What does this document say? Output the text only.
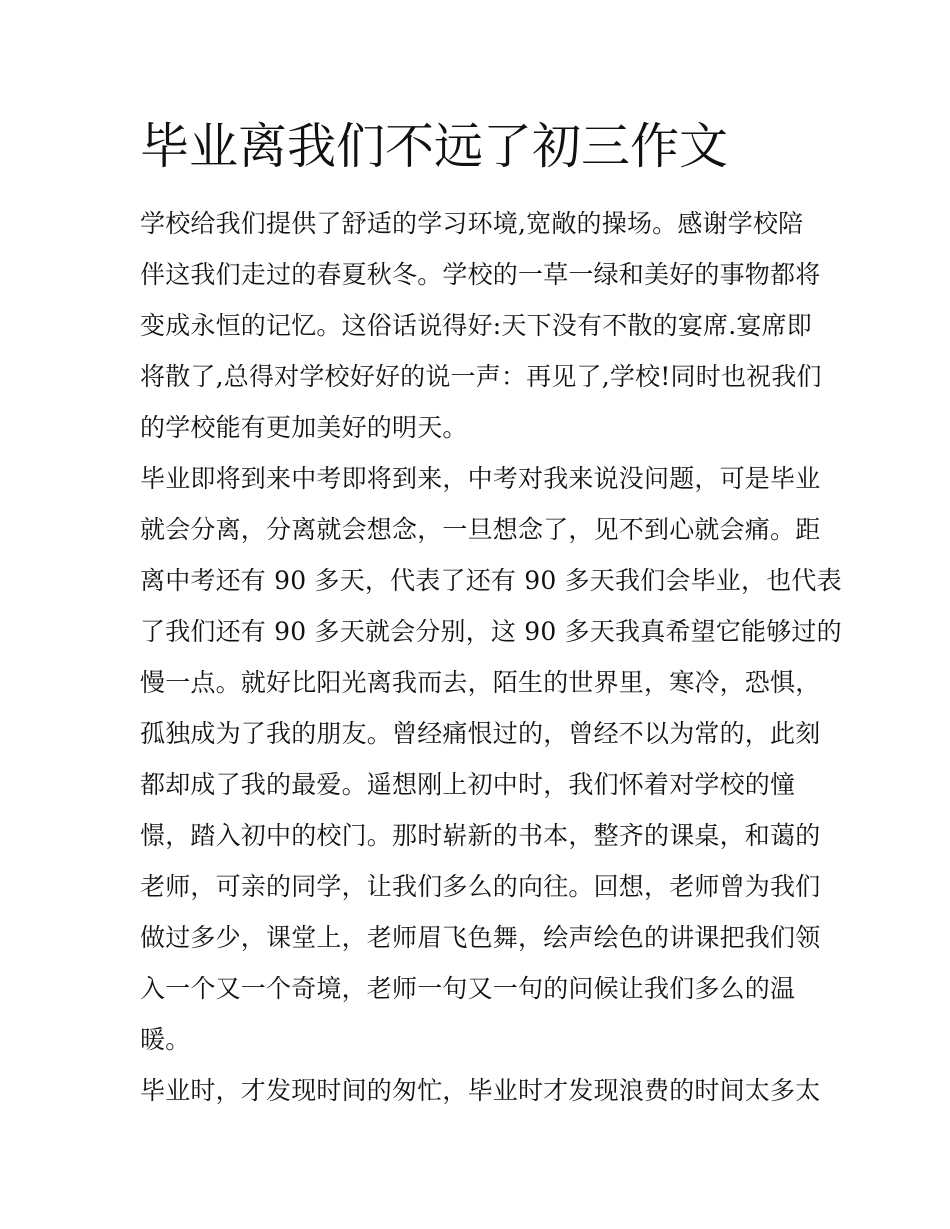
毕业离我们不远了初三作文
学校给我们提供了舒适的学习环境,宽敞的操场。感谢学校陪
伴这我们走过的春夏秋冬。学校的一草一绿和美好的事物都将
变成永恒的记忆。这俗话说得好:天下没有不散的宴席.宴席即
将散了,总得对学校好好的说一声：再见了,学校!同时也祝我们
的学校能有更加美好的明天。
毕业即将到来中考即将到来，中考对我来说没问题，可是毕业
就会分离，分离就会想念，一旦想念了，见不到心就会痛。距
离中考还有 90 多天，代表了还有 90 多天我们会毕业，也代表
了我们还有 90 多天就会分别，这 90 多天我真希望它能够过的
慢一点。就好比阳光离我而去，陌生的世界里，寒冷，恐惧，
孤独成为了我的朋友。曾经痛恨过的，曾经不以为常的，此刻
都却成了我的最爱。遥想刚上初中时，我们怀着对学校的憧
憬，踏入初中的校门。那时崭新的书本，整齐的课桌，和蔼的
老师，可亲的同学，让我们多么的向往。回想，老师曾为我们
做过多少，课堂上，老师眉飞色舞，绘声绘色的讲课把我们领
入一个又一个奇境，老师一句又一句的问候让我们多么的温
暖。
毕业时，才发现时间的匆忙，毕业时才发现浪费的时间太多太
